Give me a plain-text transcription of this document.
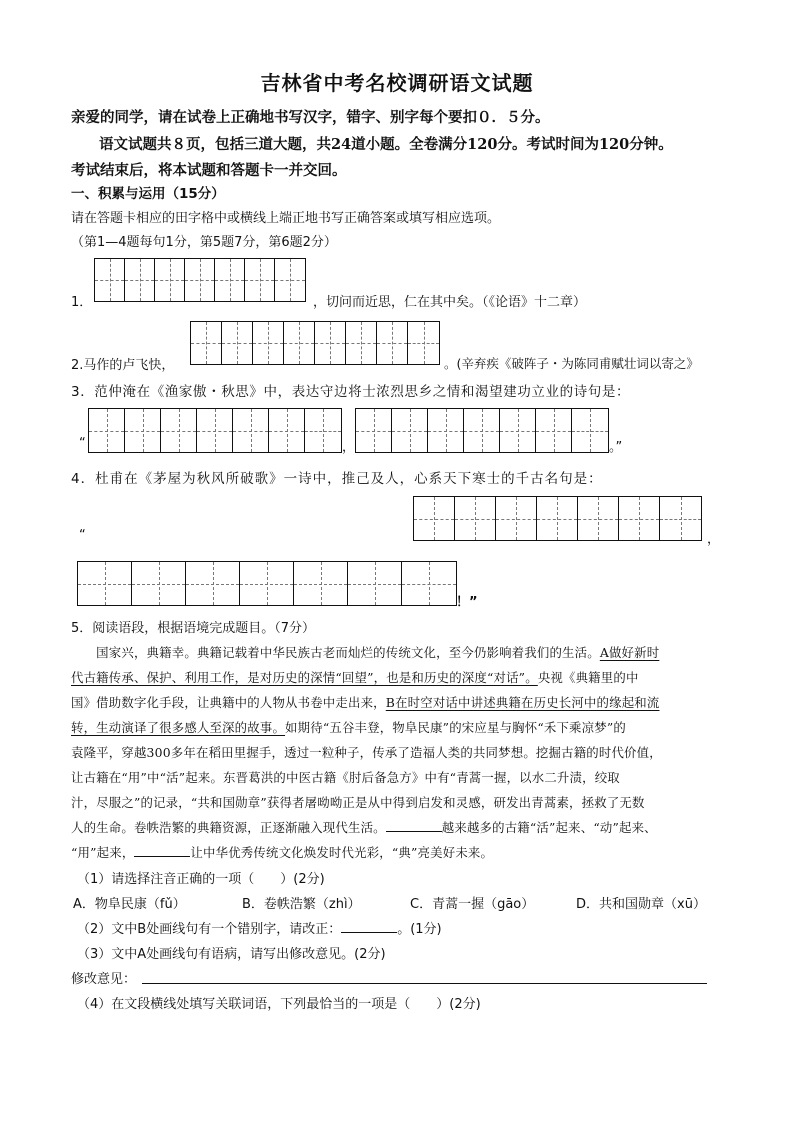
吉林省中考名校调研语文试题
亲爱的同学，请在试卷上正确地书写汉字，错字、别字每个要扣０．５分。
语文试题共８页，包括三道大题，共24道小题。全卷满分120分。考试时间为120分钟。
考试结束后，将本试题和答题卡一并交回。
一、积累与运用（15分）
请在答题卡相应的田字格中或横线上端正地书写正确答案或填写相应选项。
（第1—4题每句1分，第5题7分，第6题2分）
1．	，切问而近思，仁在其中矣。（《论语》十二章）
2.马作的卢飞快，	。(辛弃疾《破阵子・为陈同甫赋壮词以寄之》
3．范仲淹在《渔家傲・秋思》中，表达守边将士浓烈思乡之情和渴望建功立业的诗句是：
“	，	。”
4．杜甫在《茅屋为秋风所破歌》一诗中，推己及人，心系天下寒士的千古名句是：
“	，
！”
5．阅读语段，根据语境完成题目。（7分）
　　国家兴，典籍幸。典籍记载着中华民族古老而灿烂的传统文化，至今仍影响着我们的生活。A做好新时
代古籍传承、保护、利用工作，是对历史的深情“回望”，也是和历史的深度“对话”。央视《典籍里的中
国》借助数字化手段，让典籍中的人物从书卷中走出来，B在时空对话中讲述典籍在历史长河中的缘起和流
转，生动演译了很多感人至深的故事。如期待“五谷丰登，物阜民康”的宋应星与胸怀“禾下乘凉梦”的
袁隆平，穿越300多年在稻田里握手，透过一粒种子，传承了造福人类的共同梦想。挖掘古籍的时代价值，
让古籍在“用”中“活”起来。东晋葛洪的中医古籍《肘后备急方》中有“青蒿一握，以水二升渍，绞取
汁，尽服之”的记录，“共和国勋章”获得者屠呦呦正是从中得到启发和灵感，研发出青蒿素，拯救了无数
人的生命。卷帙浩繁的典籍资源，正逐渐融入现代生活。	越来越多的古籍“活”起来、“动”起来、
“用”起来，	让中华优秀传统文化焕发时代光彩，“典”亮美好未来。
（1）请选择注音正确的一项（　　）(2分)
A．物阜民康（fǔ）	B．卷帙浩繁（zhì）	C．青蒿一握（gāo）	D．共和国勋章（xū）
（2）文中B处画线句有一个错别字，请改正：	。(1分)
（3）文中A处画线句有语病，请写出修改意见。(2分)
修改意见：
（4）在文段横线处填写关联词语，下列最恰当的一项是（　　）(2分)
